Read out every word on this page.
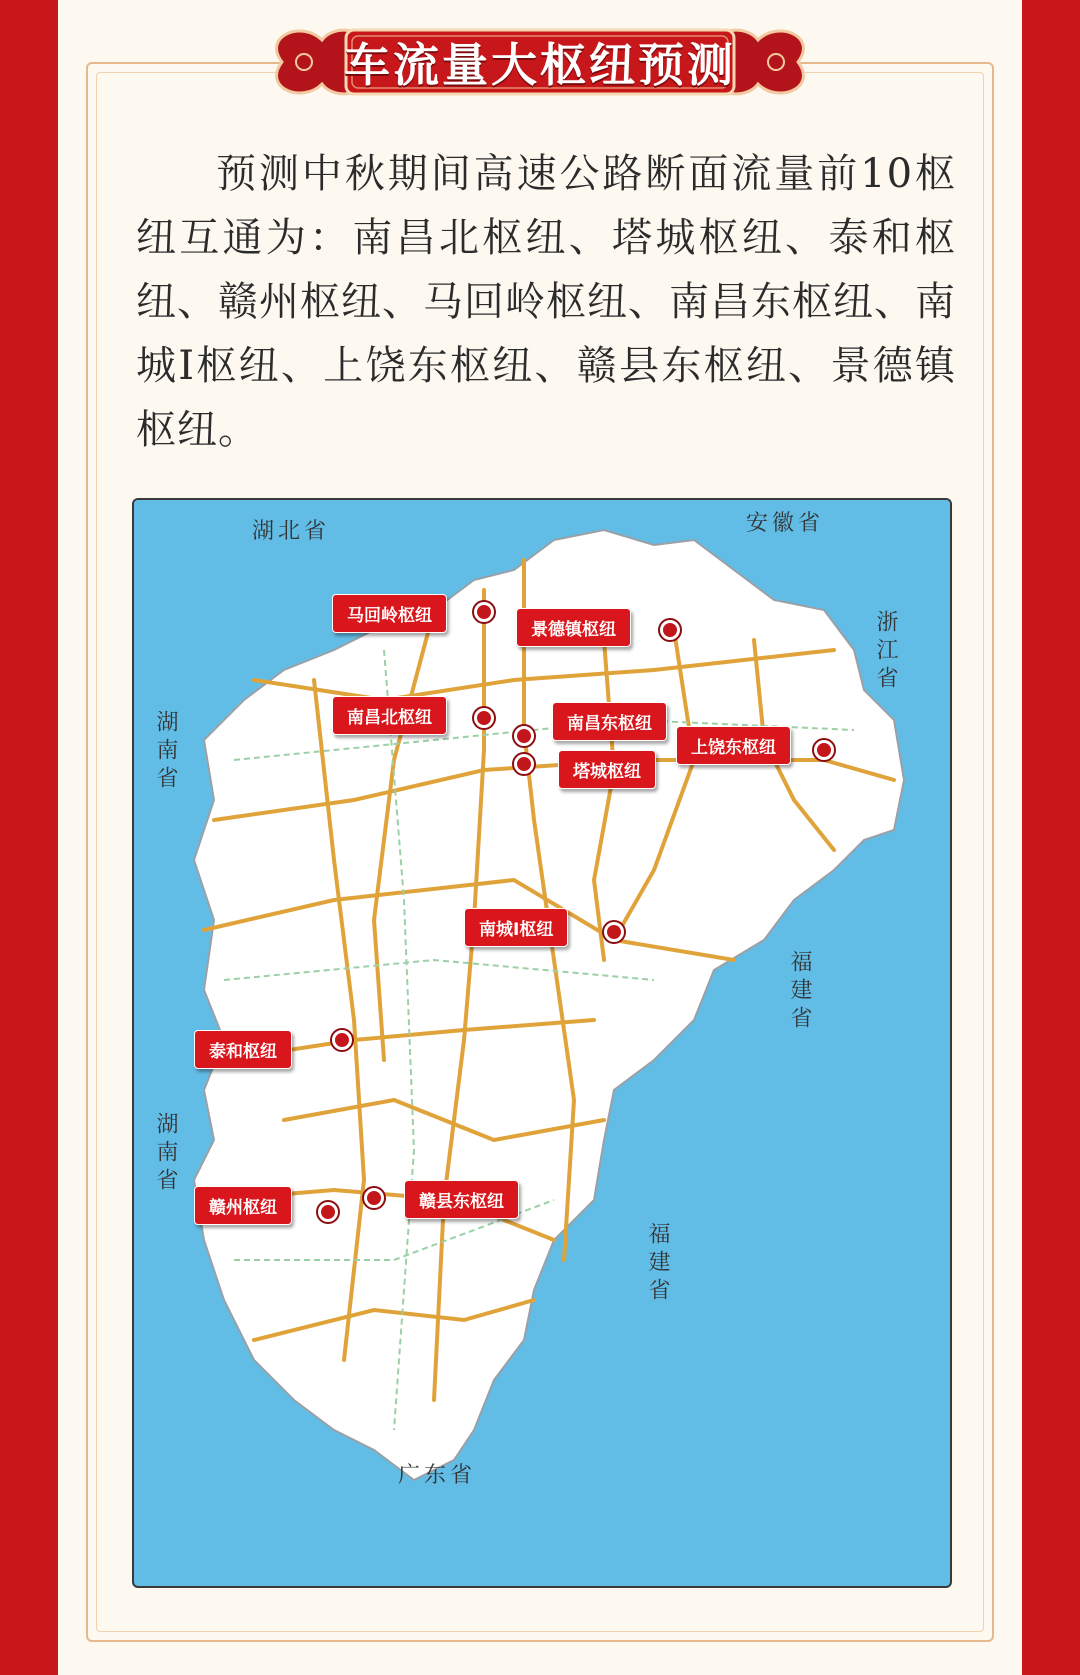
车流量大枢纽预测
预测中秋期间高速公路断面流量前10枢纽互通为：南昌北枢纽、塔城枢纽、泰和枢纽、赣州枢纽、马回岭枢纽、南昌东枢纽、南城I枢纽、上饶东枢纽、赣县东枢纽、景德镇枢纽。
湖北省	安徽省
浙江省
湖南省
福建省
湖南省
福建省
广东省
马回岭枢纽
景德镇枢纽
南昌北枢纽	南昌东枢纽
塔城枢纽
上饶东枢纽
南城I枢纽
泰和枢纽
赣州枢纽	赣县东枢纽
